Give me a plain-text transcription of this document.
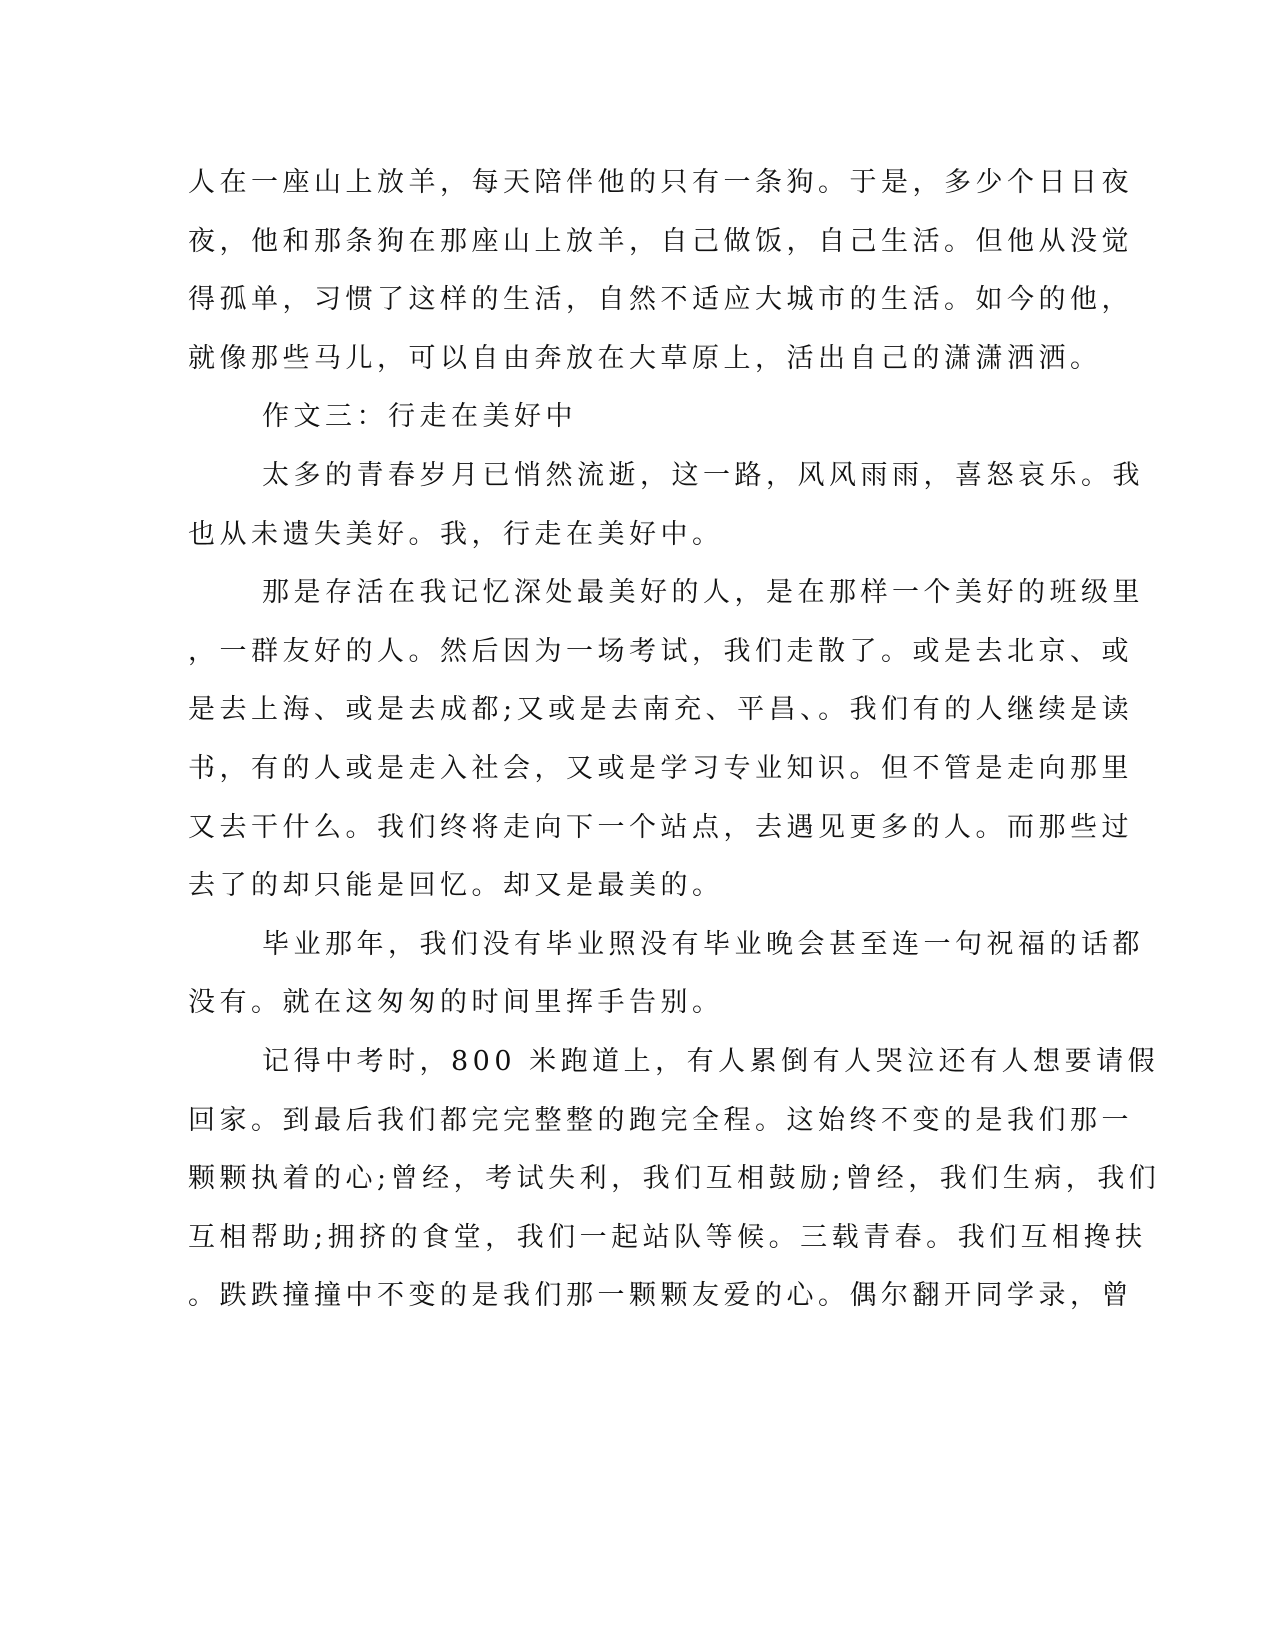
人在一座山上放羊，每天陪伴他的只有一条狗。于是，多少个日日夜
夜，他和那条狗在那座山上放羊，自己做饭，自己生活。但他从没觉
得孤单，习惯了这样的生活，自然不适应大城市的生活。如今的他，
就像那些马儿，可以自由奔放在大草原上，活出自己的潇潇洒洒。
作文三：行走在美好中
太多的青春岁月已悄然流逝，这一路，风风雨雨，喜怒哀乐。我
也从未遗失美好。我，行走在美好中。
那是存活在我记忆深处最美好的人，是在那样一个美好的班级里
，一群友好的人。然后因为一场考试，我们走散了。或是去北京、或
是去上海、或是去成都;又或是去南充、平昌、。我们有的人继续是读
书，有的人或是走入社会，又或是学习专业知识。但不管是走向那里
又去干什么。我们终将走向下一个站点，去遇见更多的人。而那些过
去了的却只能是回忆。却又是最美的。
毕业那年，我们没有毕业照没有毕业晚会甚至连一句祝福的话都
没有。就在这匆匆的时间里挥手告别。
记得中考时，800 米跑道上，有人累倒有人哭泣还有人想要请假
回家。到最后我们都完完整整的跑完全程。这始终不变的是我们那一
颗颗执着的心;曾经，考试失利，我们互相鼓励;曾经，我们生病，我们
互相帮助;拥挤的食堂，我们一起站队等候。三载青春。我们互相搀扶
。跌跌撞撞中不变的是我们那一颗颗友爱的心。偶尔翻开同学录，曾
